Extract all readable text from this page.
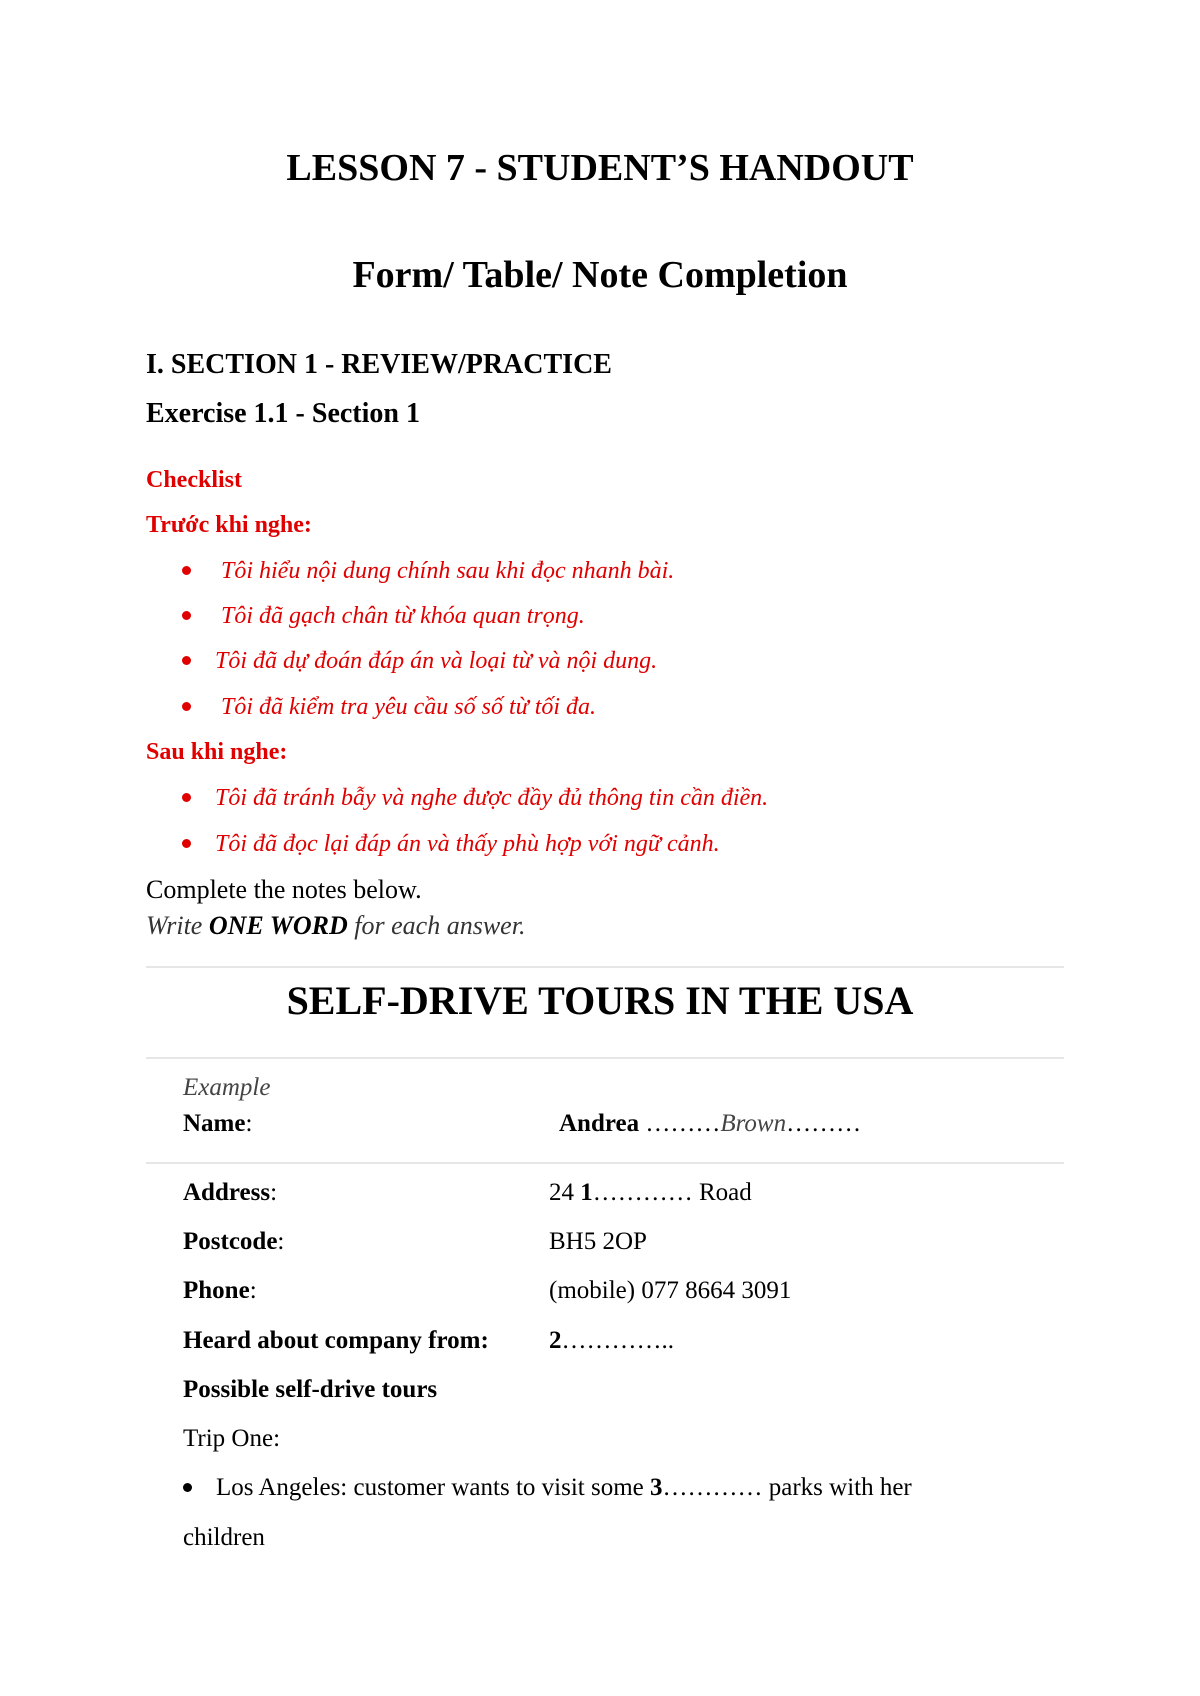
LESSON 7 - STUDENT’S HANDOUT
Form/ Table/ Note Completion

I. SECTION 1 - REVIEW/PRACTICE

Exercise 1.1 - Section 1

Checklist

Trước khi nghe:

Tôi hiểu nội dung chính sau khi đọc nhanh bài.

Tôi đã gạch chân từ khóa quan trọng.

Tôi đã dự đoán đáp án và loại từ và nội dung.

Tôi đã kiểm tra yêu cầu số số từ tối đa.

Sau khi nghe:

Tôi đã tránh bẫy và nghe được đầy đủ thông tin cần điền.

Tôi đã đọc lại đáp án và thấy phù hợp với ngữ cảnh.

Complete the notes below.

Write ONE WORD for each answer.

SELF-DRIVE TOURS IN THE USA

Example

Name:	Andrea ………Brown………

Address:	24 1………… Road

Postcode:	BH5 2OP

Phone:	(mobile) 077 8664 3091

Heard about company from: 2…………..

Possible self-drive tours

Trip One:

Los Angeles: customer wants to visit some 3………… parks with her

children
